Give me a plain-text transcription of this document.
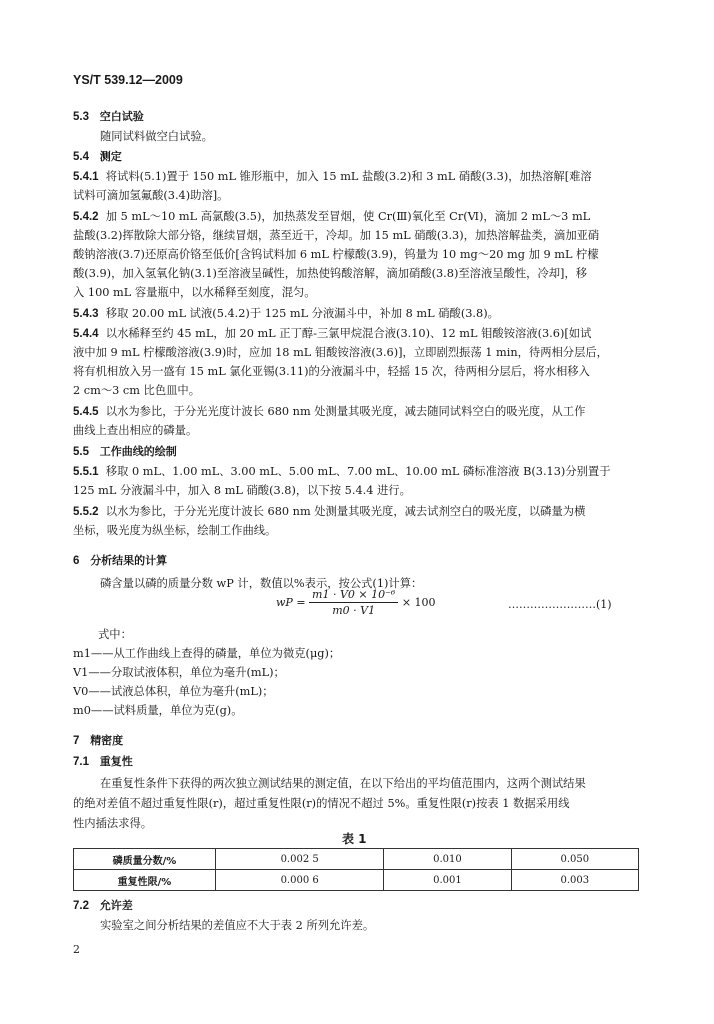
YS/T 539.12—2009
5.3 空白试验
随同试料做空白试验。
5.4 测定
5.4.1 将试料(5.1)置于 150 mL 锥形瓶中，加入 15 mL 盐酸(3.2)和 3 mL 硝酸(3.3)，加热溶解[难溶
试料可滴加氢氟酸(3.4)助溶]。
5.4.2 加 5 mL～10 mL 高氯酸(3.5)，加热蒸发至冒烟，使 Cr(Ⅲ)氧化至 Cr(Ⅵ)，滴加 2 mL～3 mL
盐酸(3.2)挥散除大部分铬，继续冒烟，蒸至近干，冷却。加 15 mL 硝酸(3.3)，加热溶解盐类，滴加亚硝
酸钠溶液(3.7)还原高价铬至低价[含钨试料加 6 mL 柠檬酸(3.9)，钨量为 10 mg～20 mg 加 9 mL 柠檬
酸(3.9)，加入氢氧化钠(3.1)至溶液呈碱性，加热使钨酸溶解，滴加硝酸(3.8)至溶液呈酸性，冷却]，移
入 100 mL 容量瓶中，以水稀释至刻度，混匀。
5.4.3 移取 20.00 mL 试液(5.4.2)于 125 mL 分液漏斗中，补加 8 mL 硝酸(3.8)。
5.4.4 以水稀释至约 45 mL，加 20 mL 正丁醇-三氯甲烷混合液(3.10)、12 mL 钼酸铵溶液(3.6)[如试
液中加 9 mL 柠檬酸溶液(3.9)时，应加 18 mL 钼酸铵溶液(3.6)]，立即剧烈振荡 1 min，待两相分层后，
将有机相放入另一盛有 15 mL 氯化亚锡(3.11)的分液漏斗中，轻摇 15 次，待两相分层后，将水相移入
2 cm～3 cm 比色皿中。
5.4.5 以水为参比，于分光光度计波长 680 nm 处测量其吸光度，减去随同试料空白的吸光度，从工作
曲线上查出相应的磷量。
5.5 工作曲线的绘制
5.5.1 移取 0 mL、1.00 mL、3.00 mL、5.00 mL、7.00 mL、10.00 mL 磷标准溶液 B(3.13)分别置于
125 mL 分液漏斗中，加入 8 mL 硝酸(3.8)，以下按 5.4.4 进行。
5.5.2 以水为参比，于分光光度计波长 680 nm 处测量其吸光度，减去试剂空白的吸光度，以磷量为横
坐标，吸光度为纵坐标，绘制工作曲线。
6 分析结果的计算
磷含量以磷的质量分数 wP 计，数值以%表示，按公式(1)计算：
wP = $\frac{\text{m1 · V0 × 10⁻⁶}}{m0 \cdot V1} \times 100$	……………………(1)
式中：
m1——从工作曲线上查得的磷量，单位为微克(μg)；
V1——分取试液体积，单位为毫升(mL)；
V0——试液总体积，单位为毫升(mL)；
m0——试料质量，单位为克(g)。
7 精密度
7.1 重复性
在重复性条件下获得的两次独立测试结果的测定值，在以下给出的平均值范围内，这两个测试结果
的绝对差值不超过重复性限(r)，超过重复性限(r)的情况不超过 5%。重复性限(r)按表 1 数据采用线
性内插法求得。
表 1
磷质量分数/%	0.002 5	0.010	0.050
重复性限/%	0.000 6	0.001	0.003
7.2 允许差
实验室之间分析结果的差值应不大于表 2 所列允许差。
2
